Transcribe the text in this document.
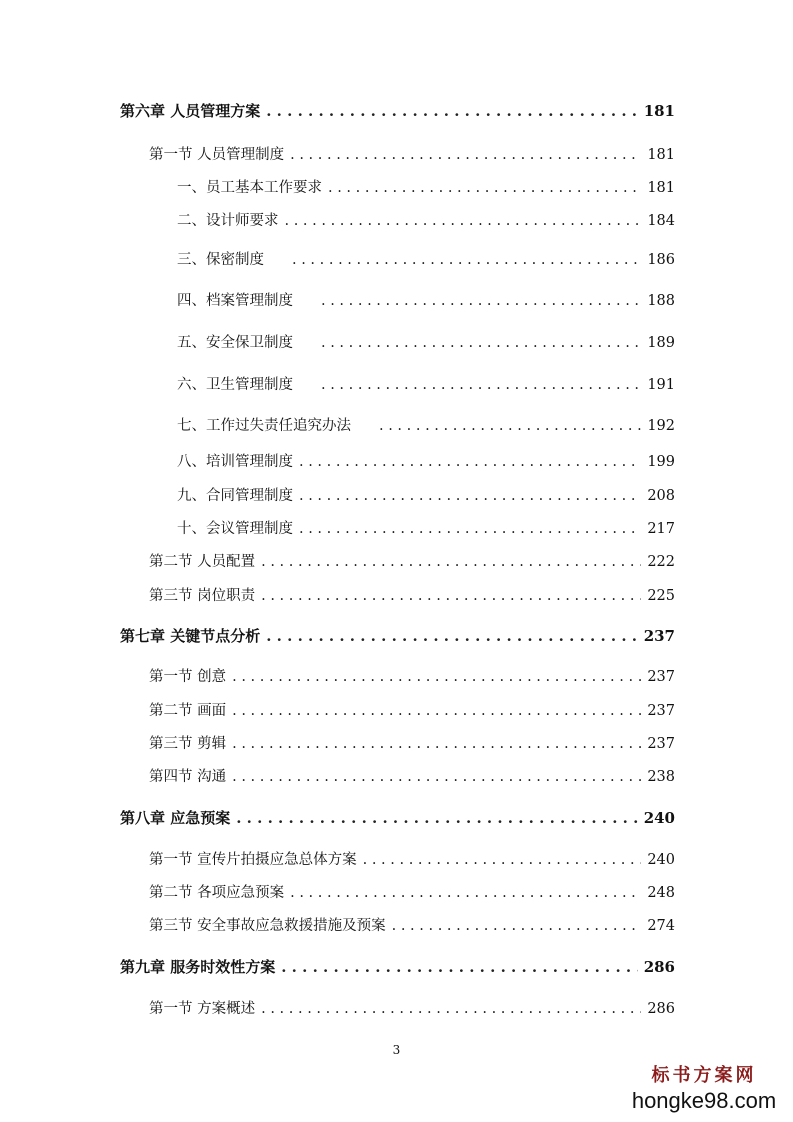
第六章 人员管理方案 . . .	181
第一节 人员管理制度 . . .	181
一、员工基本工作要求 . . .	181
二、设计师要求 . . .	184
三、保密制度 . . .	186
四、档案管理制度 . . .	188
五、安全保卫制度 . . .	189
六、卫生管理制度 . . .	191
七、工作过失责任追究办法 . . .	192
八、培训管理制度 . . .	199
九、合同管理制度 . . .	208
十、会议管理制度 . . .	217
第二节 人员配置 . . .	222
第三节 岗位职责 . . .	225
第七章 关键节点分析 . . .	237
第一节 创意 . . .	237
第二节 画面 . . .	237
第三节 剪辑 . . .	237
第四节 沟通 . . .	238
第八章 应急预案 . . .	240
第一节 宣传片拍摄应急总体方案 . . .	240
第二节 各项应急预案 . . .	248
第三节 安全事故应急救援措施及预案 . . .	274
第九章 服务时效性方案 . . .	286
第一节 方案概述 . . .	286
3
标书方案网
hongke98.com
